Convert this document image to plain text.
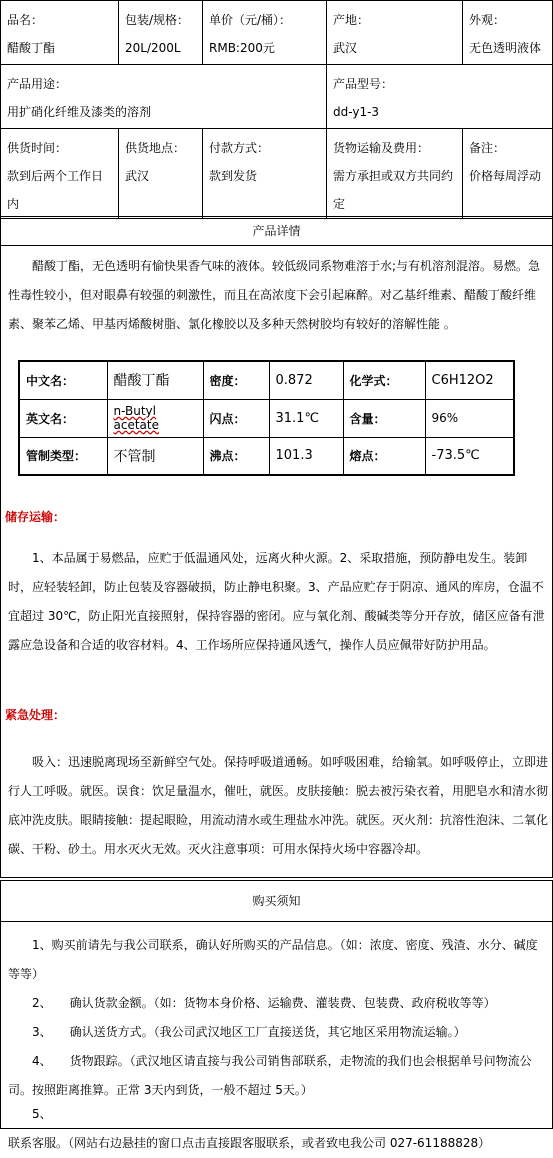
品名：
醋酸丁酯

包装/规格：
20L/200L

单价（元/桶）：
RMB:200元

产地：
武汉

外观：
无色透明液体
产品用途：
用扩硝化纤维及漆类的溶剂

产品型号：
dd-y1-3
供货时间：
款到后两个工作日内

供货地点：
武汉

付款方式：
款到发货

货物运输及费用：
需方承担或双方共同约定

备注：
价格每周浮动
产品详情

醋酸丁酯，无色透明有愉快果香气味的液体。较低级同系物难溶于水;与有机溶剂混溶。易燃。急性毒性较小，但对眼鼻有较强的刺激性，而且在高浓度下会引起麻醉。对乙基纤维素、醋酸丁酸纤维素、聚苯乙烯、甲基丙烯酸树脂、氯化橡胶以及多种天然树胶均有较好的溶解性能 。

中文名：	醋酸丁酯	密度：	0.872	化学式：	C6H12O2
英文名：	n-Butyl acetate	闪点：	31.1℃	含量：	96%
管制类型：	不管制	沸点：	101.3	熔点：	-73.5℃
储存运输：

1、本品属于易燃品，应贮于低温通风处，远离火种火源。2、采取措施，预防静电发生。装卸时，应轻装轻卸，防止包装及容器破损，防止静电积聚。3、产品应贮存于阴凉、通风的库房，仓温不宜超过 30℃，防止阳光直接照射，保持容器的密闭。应与氧化剂、酸碱类等分开存放，储区应备有泄露应急设备和合适的收容材料。4、工作场所应保持通风透气，操作人员应佩带好防护用品。

紧急处理：

吸入：迅速脱离现场至新鲜空气处。保持呼吸道通畅。如呼吸困难，给输氧。如呼吸停止，立即进行人工呼吸。就医。误食：饮足量温水，催吐，就医。皮肤接触：脱去被污染衣着，用肥皂水和清水彻底冲洗皮肤。眼睛接触：提起眼睑，用流动清水或生理盐水冲洗。就医。灭火剂：抗溶性泡沫、二氧化碳、干粉、砂土。用水灭火无效。灭火注意事项：可用水保持火场中容器冷却。

购买须知

1、购买前请先与我公司联系，确认好所购买的产品信息。（如：浓度、密度、残渣、水分、碱度等等）

2、 确认货款金额。（如：货物本身价格、运输费、灌装费、包装费、政府税收等等）

3、 确认送货方式。（我公司武汉地区工厂直接送货，其它地区采用物流运输。）

4、 货物跟踪。（武汉地区请直接与我公司销售部联系，走物流的我们也会根据单号问物流公司。按照距离推算。正常 3天内到货，一般不超过 5天。）

5、联系客服。（网站右边悬挂的窗口点击直接跟客服联系，或者致电我公司 027-61188828）
